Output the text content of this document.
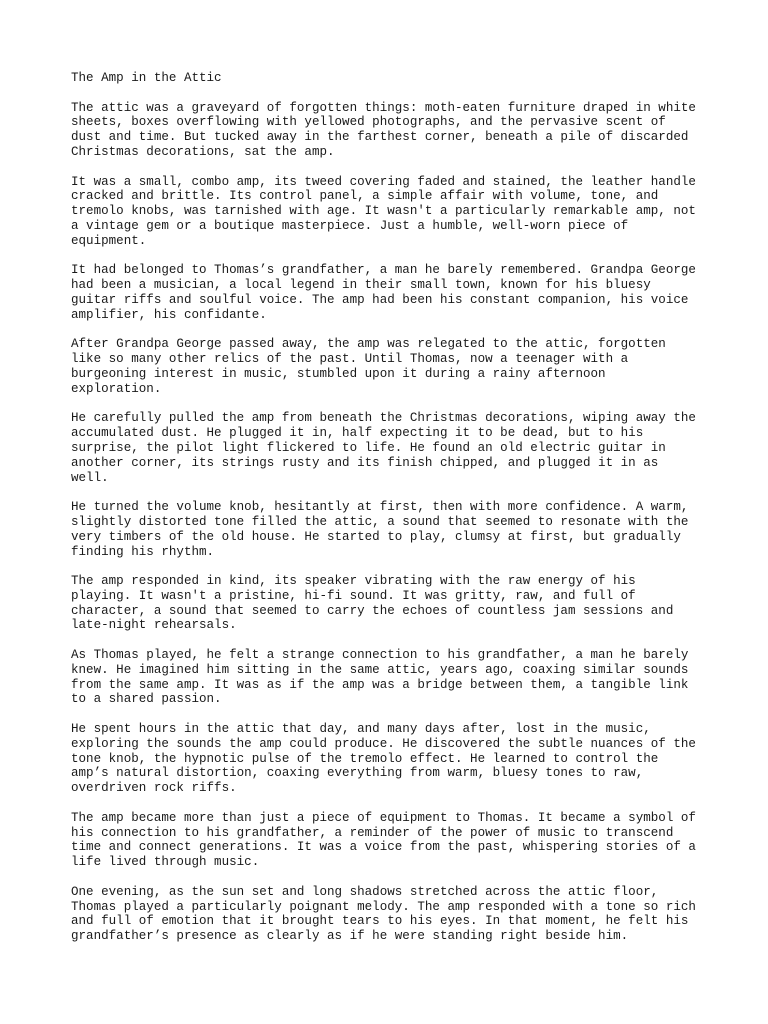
The Amp in the Attic

The attic was a graveyard of forgotten things: moth-eaten furniture draped in white
sheets, boxes overflowing with yellowed photographs, and the pervasive scent of
dust and time. But tucked away in the farthest corner, beneath a pile of discarded
Christmas decorations, sat the amp.

It was a small, combo amp, its tweed covering faded and stained, the leather handle
cracked and brittle. Its control panel, a simple affair with volume, tone, and
tremolo knobs, was tarnished with age. It wasn't a particularly remarkable amp, not
a vintage gem or a boutique masterpiece. Just a humble, well-worn piece of
equipment.

It had belonged to Thomas’s grandfather, a man he barely remembered. Grandpa George
had been a musician, a local legend in their small town, known for his bluesy
guitar riffs and soulful voice. The amp had been his constant companion, his voice
amplifier, his confidante.

After Grandpa George passed away, the amp was relegated to the attic, forgotten
like so many other relics of the past. Until Thomas, now a teenager with a
burgeoning interest in music, stumbled upon it during a rainy afternoon
exploration.

He carefully pulled the amp from beneath the Christmas decorations, wiping away the
accumulated dust. He plugged it in, half expecting it to be dead, but to his
surprise, the pilot light flickered to life. He found an old electric guitar in
another corner, its strings rusty and its finish chipped, and plugged it in as
well.

He turned the volume knob, hesitantly at first, then with more confidence. A warm,
slightly distorted tone filled the attic, a sound that seemed to resonate with the
very timbers of the old house. He started to play, clumsy at first, but gradually
finding his rhythm.

The amp responded in kind, its speaker vibrating with the raw energy of his
playing. It wasn't a pristine, hi-fi sound. It was gritty, raw, and full of
character, a sound that seemed to carry the echoes of countless jam sessions and
late-night rehearsals.

As Thomas played, he felt a strange connection to his grandfather, a man he barely
knew. He imagined him sitting in the same attic, years ago, coaxing similar sounds
from the same amp. It was as if the amp was a bridge between them, a tangible link
to a shared passion.

He spent hours in the attic that day, and many days after, lost in the music,
exploring the sounds the amp could produce. He discovered the subtle nuances of the
tone knob, the hypnotic pulse of the tremolo effect. He learned to control the
amp’s natural distortion, coaxing everything from warm, bluesy tones to raw,
overdriven rock riffs.

The amp became more than just a piece of equipment to Thomas. It became a symbol of
his connection to his grandfather, a reminder of the power of music to transcend
time and connect generations. It was a voice from the past, whispering stories of a
life lived through music.

One evening, as the sun set and long shadows stretched across the attic floor,
Thomas played a particularly poignant melody. The amp responded with a tone so rich
and full of emotion that it brought tears to his eyes. In that moment, he felt his
grandfather’s presence as clearly as if he were standing right beside him.
